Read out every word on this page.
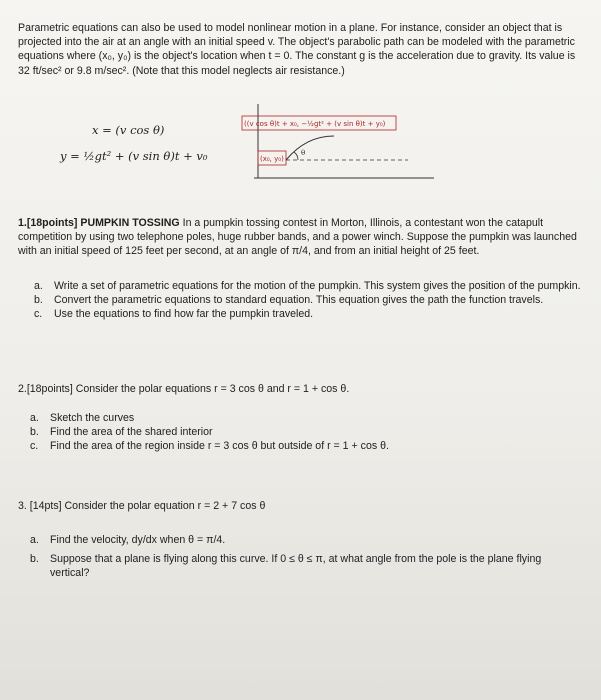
Parametric equations can also be used to model nonlinear motion in a plane. For instance, consider an object that is projected into the air at an angle with an initial speed v. The object's parabolic path can be modeled with the parametric equations where (x₀, y₀) is the object's location when t = 0. The constant g is the acceleration due to gravity. Its value is 32 ft/sec² or 9.8 m/sec². (Note that this model neglects air resistance.)
x = (v cos θ)
y = ½gt² + (v sin θ)t + v₀
((v cos θ)t + x₀, −½gt² + (v sin θ)t + y₀)
(x₀, y₀)
θ
1.[18points] PUMPKIN TOSSING In a pumpkin tossing contest in Morton, Illinois, a contestant won the catapult competition by using two telephone poles, huge rubber bands, and a power winch. Suppose the pumpkin was launched with an initial speed of 125 feet per second, at an angle of π/4, and from an initial height of 25 feet.
a. Write a set of parametric equations for the motion of the pumpkin. This system gives the position of the pumpkin.
b. Convert the parametric equations to standard equation. This equation gives the path the function travels.
c. Use the equations to find how far the pumpkin traveled.
2.[18points] Consider the polar equations r = 3 cos θ and r = 1 + cos θ.
a. Sketch the curves
b. Find the area of the shared interior
c. Find the area of the region inside r = 3 cos θ but outside of r = 1 + cos θ.
3. [14pts] Consider the polar equation r = 2 + 7 cos θ
a. Find the velocity, dy/dx when θ = π/4.
b. Suppose that a plane is flying along this curve. If 0 ≤ θ ≤ π, at what angle from the pole is the plane flying vertical?
